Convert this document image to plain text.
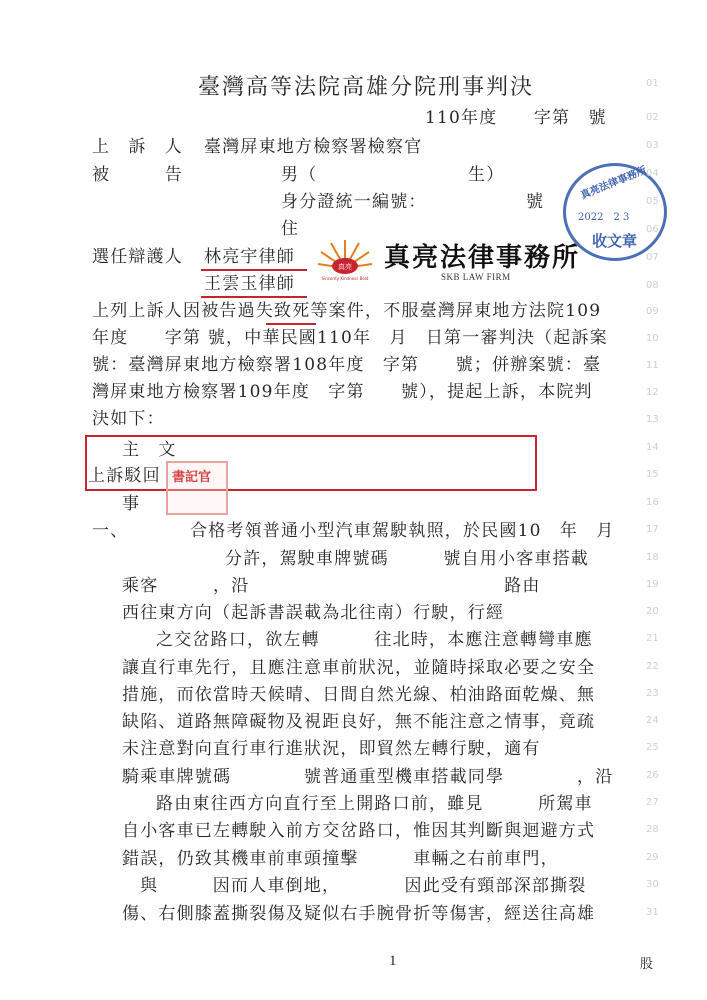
臺灣高等法院高雄分院刑事判決
110年度　　字第　號
上　訴　人 臺灣屏東地方檢察署檢察官
被　　　告	男（	生）
身分證統一編號：	號
住
選任辯護人 林亮宇律師
王雲玉律師
真亮
Sincerity Kindness Bold
真亮法律事務所
SKB LAW FIRM
真亮法律事務所
2022　2 3
收文章
上列上訴人因被告過失致死等案件，不服臺灣屏東地方法院109
年度　　字第 號，中華民國110年　月　日第一審判決（起訴案
號：臺灣屏東地方檢察署108年度　字第　　號；併辦案號：臺
灣屏東地方檢察署109年度　字第　　號），提起上訴，本院判
決如下：
主　文
上訴駁回 書記官
事
一、	合格考領普通小型汽車駕駛執照，於民國10　年　月
分許，駕駛車牌號碼　　　號自用小客車搭載
乘客　　　，沿　　　　　　　　　　　　　　路由
西往東方向（起訴書誤載為北往南）行駛，行經
之交岔路口，欲左轉　　　往北時，本應注意轉彎車應
讓直行車先行，且應注意車前狀況，並隨時採取必要之安全
措施，而依當時天候晴、日間自然光線、柏油路面乾燥、無
缺陷、道路無障礙物及視距良好，無不能注意之情事，竟疏
未注意對向直行車行進狀況，即貿然左轉行駛，適有
騎乘車牌號碼　　　　號普通重型機車搭載同學　　　　，沿
路由東往西方向直行至上開路口前，雖見　　　所駕車
自小客車已左轉駛入前方交岔路口，惟因其判斷與迴避方式
錯誤，仍致其機車前車頭撞擊　　　車輛之右前車門，
與　　　因而人車倒地，　　　　因此受有頸部深部撕裂
傷、右側膝蓋撕裂傷及疑似右手腕骨折等傷害，經送往高雄
01
02
03
04
05
06
07
08
09
10
11
12
13
14
15
16
17
18
19
20
21
22
23
24
25
26
27
28
29
30
31
1	股
